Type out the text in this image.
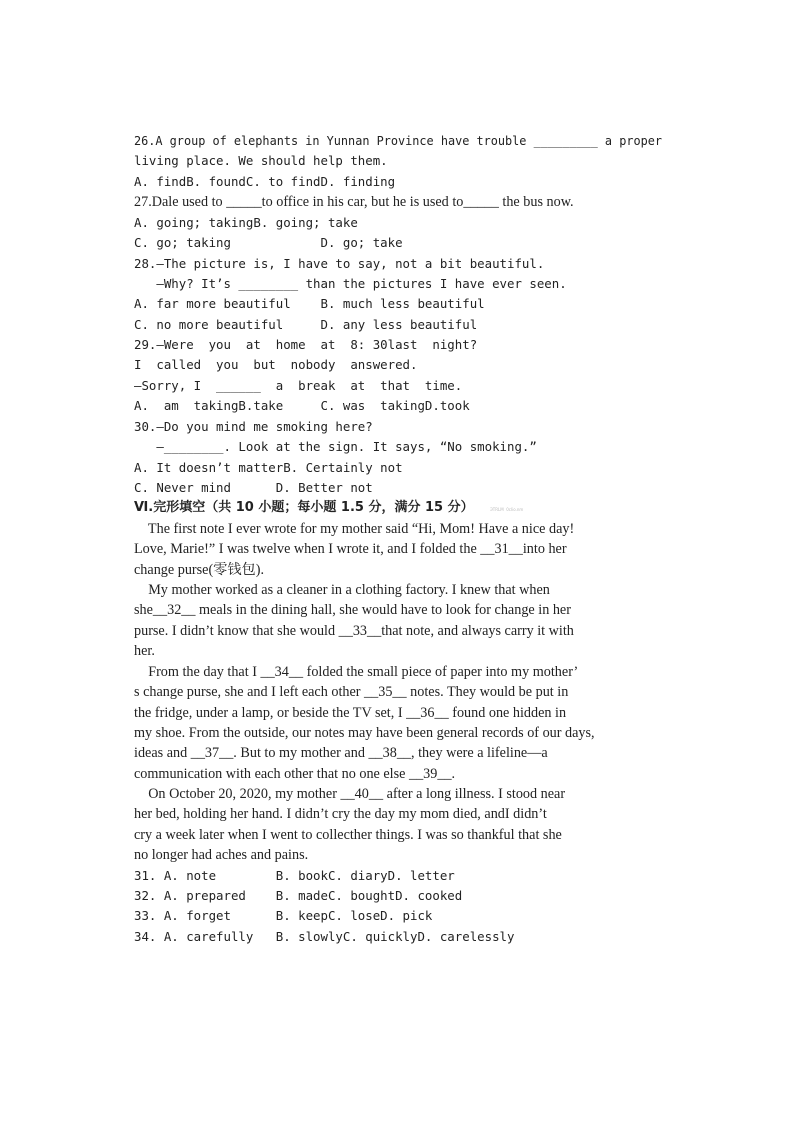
26.A group of elephants in Yunnan Province have trouble _________ a proper
living place. We should help them.
A. findB. foundC. to findD. finding
27.Dale used to _____to office in his car, but he is used to_____ the bus now.
A. going; takingB. going; take
C. go; taking            D. go; take
28.—The picture is, I have to say, not a bit beautiful.
—Why? It’s ________ than the pictures I have ever seen.
A. far more beautiful    B. much less beautiful
C. no more beautiful     D. any less beautiful
29.—Were  you  at  home  at  8: 30last  night?
I  called  you  but  nobody  answered.
—Sorry, I  ______  a  break  at  that  time.
A.  am  takingB.take     C. was  takingD.took
30.—Do you mind me smoking here?
—________. Look at the sign. It says, “No smoking.”
A. It doesn’t matterB. Certainly not
C. Never mind      D. Better not
Ⅵ.完形填空（共 10 小题；每小题 1.5 分，满分 15 分）	ЭTRLM  0clio.nm
The first note I ever wrote for my mother said “Hi, Mom! Have a nice day!
Love, Marie!” I was twelve when I wrote it, and I folded the __31__into her
change purse(零钱包).
My mother worked as a cleaner in a clothing factory. I knew that when
she__32__ meals in the dining hall, she would have to look for change in her
purse. I didn’t know that she would __33__that note, and always carry it with
her.
From the day that I __34__ folded the small piece of paper into my mother’
s change purse, she and I left each other __35__ notes. They would be put in
the fridge, under a lamp, or beside the TV set, I __36__ found one hidden in
my shoe. From the outside, our notes may have been general records of our days,
ideas and __37__. But to my mother and __38__, they were a lifeline—a
communication with each other that no one else __39__.
On October 20, 2020, my mother __40__ after a long illness. I stood near
her bed, holding her hand. I didn’t cry the day my mom died, andI didn’t
cry a week later when I went to collecther things. I was so thankful that she
no longer had aches and pains.
31. A. note        B. bookC. diaryD. letter
32. A. prepared    B. madeC. boughtD. cooked
33. A. forget      B. keepC. loseD. pick
34. A. carefully   B. slowlyC. quicklyD. carelessly
